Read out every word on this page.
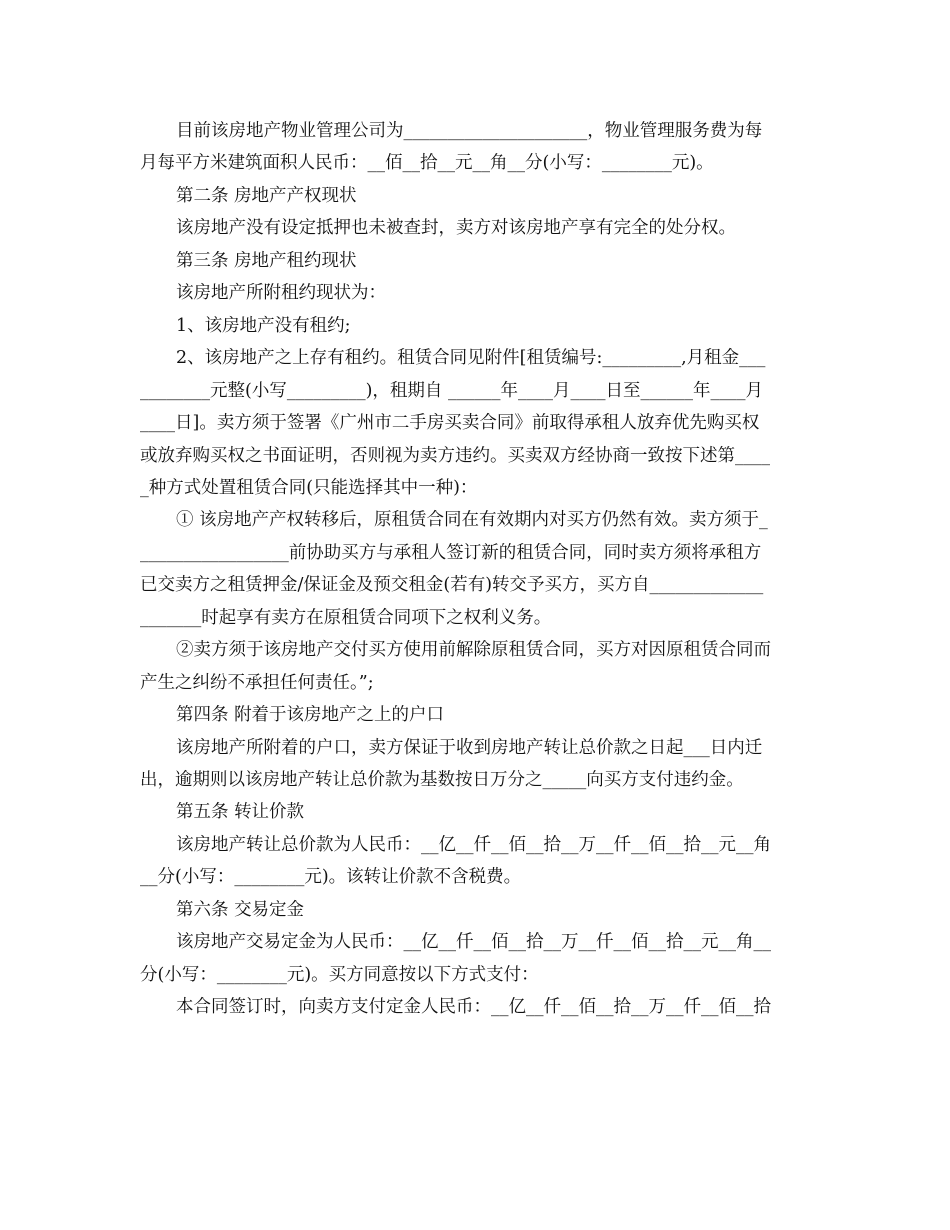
目前该房地产物业管理公司为_____________________，物业管理服务费为每
月每平方米建筑面积人民币：__佰__拾__元__角__分(小写：________元)。
第二条 房地产产权现状
该房地产没有设定抵押也未被查封，卖方对该房地产享有完全的处分权。
第三条 房地产租约现状
该房地产所附租约现状为：
1、该房地产没有租约;
2、该房地产之上存有租约。租赁合同见附件[租赁编号:_________,月租金___
________元整(小写_________)，租期自 ______年____月____日至______年____月
____日]。卖方须于签署《广州市二手房买卖合同》前取得承租人放弃优先购买权
或放弃购买权之书面证明，否则视为卖方违约。买卖双方经协商一致按下述第____
_种方式处置租赁合同(只能选择其中一种)：
① 该房地产产权转移后，原租赁合同在有效期内对买方仍然有效。卖方须于_
_________________前协助买方与承租人签订新的租赁合同，同时卖方须将承租方
已交卖方之租赁押金/保证金及预交租金(若有)转交予买方，买方自_____________
_______时起享有卖方在原租赁合同项下之权利义务。
②卖方须于该房地产交付买方使用前解除原租赁合同，买方对因原租赁合同而
产生之纠纷不承担任何责任。”;
第四条 附着于该房地产之上的户口
该房地产所附着的户口，卖方保证于收到房地产转让总价款之日起___日内迁
出，逾期则以该房地产转让总价款为基数按日万分之_____向买方支付违约金。
第五条 转让价款
该房地产转让总价款为人民币：__亿__仟__佰__拾__万__仟__佰__拾__元__角
__分(小写：________元)。该转让价款不含税费。
第六条 交易定金
该房地产交易定金为人民币：__亿__仟__佰__拾__万__仟__佰__拾__元__角__
分(小写：________元)。买方同意按以下方式支付：
本合同签订时，向卖方支付定金人民币：__亿__仟__佰__拾__万__仟__佰__拾
